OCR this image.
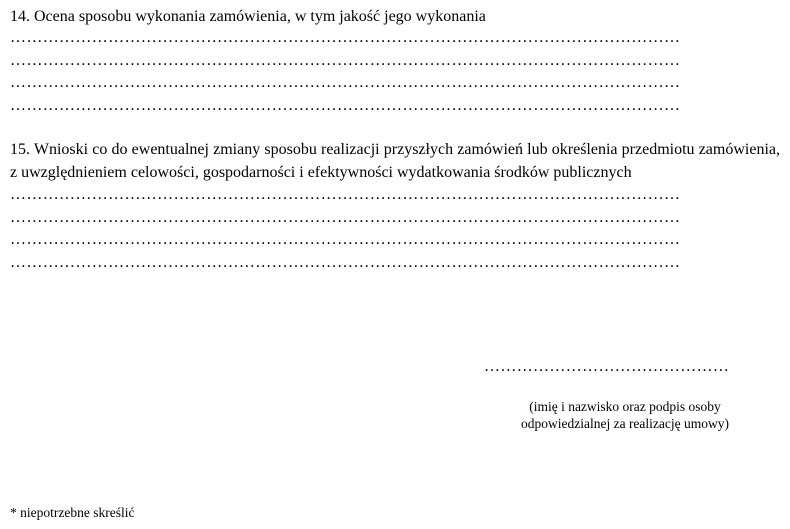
14. Ocena sposobu wykonania zamówienia, w tym jakość jego wykonania

……………………………………………………………………………………………………………
……………………………………………………………………………………………………………
……………………………………………………………………………………………………………
……………………………………………………………………………………………………………

15. Wnioski co do ewentualnej zmiany sposobu realizacji przyszłych zamówień lub określenia przedmiotu zamówienia, z uwzględnieniem celowości, gospodarności i efektywności wydatkowania środków publicznych

……………………………………………………………………………………………………………
……………………………………………………………………………………………………………
……………………………………………………………………………………………………………
……………………………………………………………………………………………………………
………………………………………
(imię i nazwisko oraz podpis osoby
odpowiedzialnej za realizację umowy)
* niepotrzebne skreślić
